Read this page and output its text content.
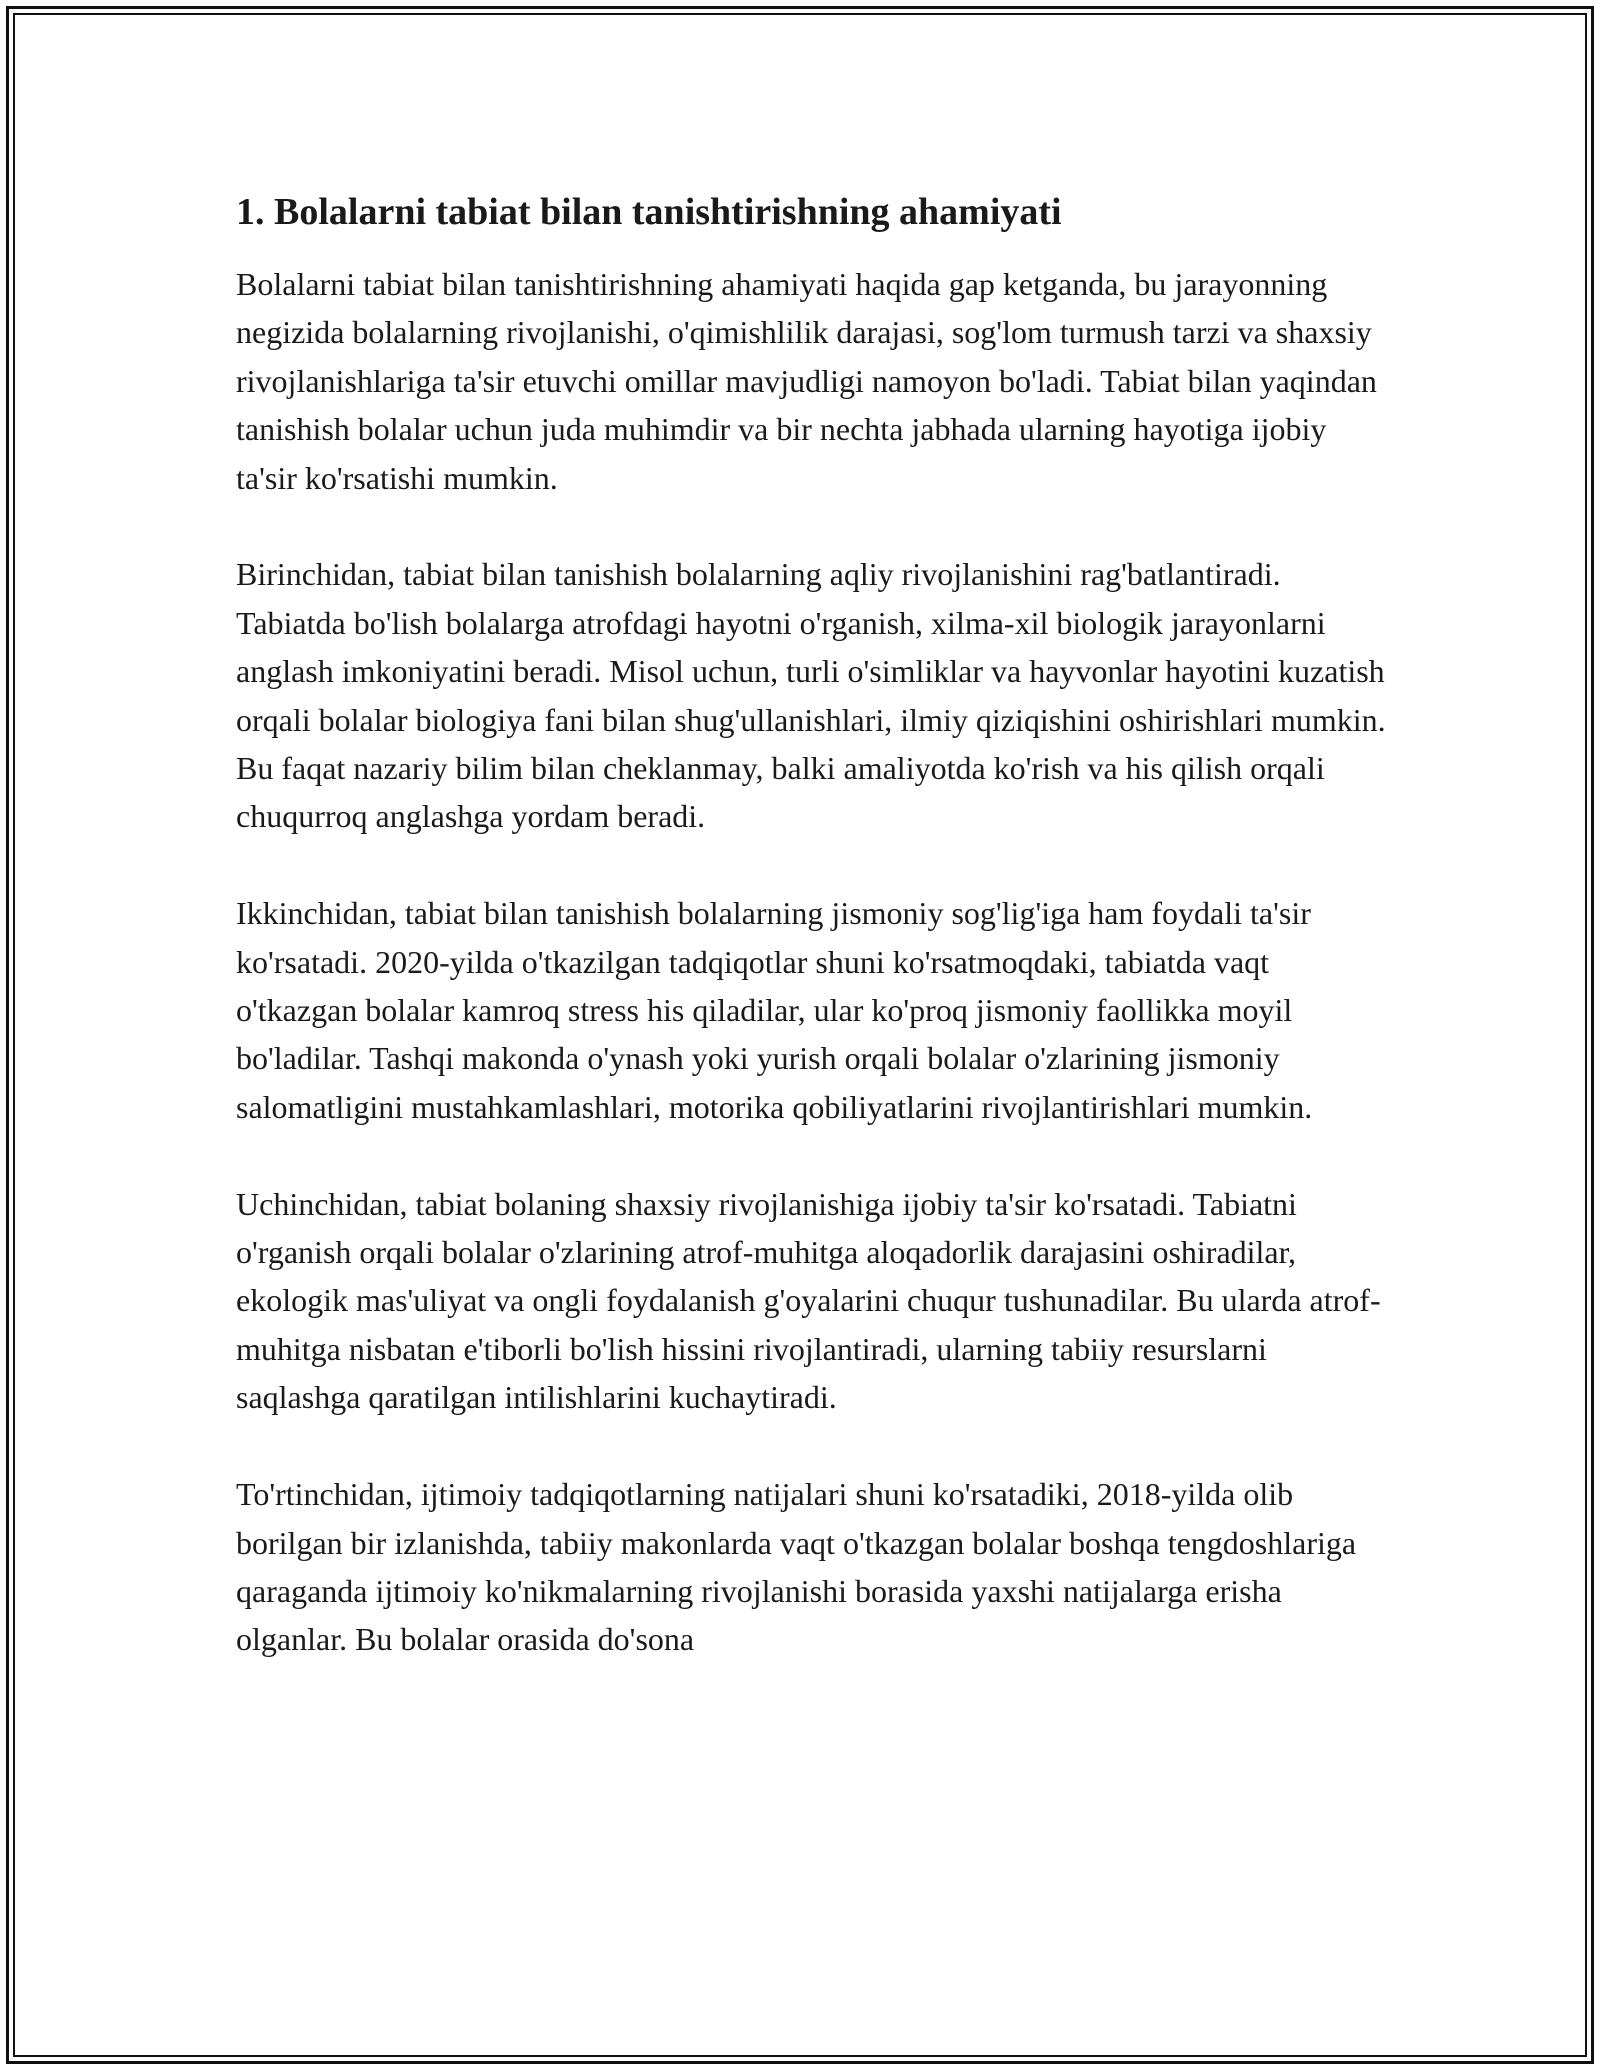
1. Bolalarni tabiat bilan tanishtirishning ahamiyati

Bolalarni tabiat bilan tanishtirishning ahamiyati haqida gap ketganda, bu jarayonning negizida bolalarning rivojlanishi, o'qimishlilik darajasi, sog'lom turmush tarzi va shaxsiy rivojlanishlariga ta'sir etuvchi omillar mavjudligi namoyon bo'ladi. Tabiat bilan yaqindan tanishish bolalar uchun juda muhimdir va bir nechta jabhada ularning hayotiga ijobiy ta'sir ko'rsatishi mumkin.

Birinchidan, tabiat bilan tanishish bolalarning aqliy rivojlanishini rag'batlantiradi. Tabiatda bo'lish bolalarga atrofdagi hayotni o'rganish, xilma-xil biologik jarayonlarni anglash imkoniyatini beradi. Misol uchun, turli o'simliklar va hayvonlar hayotini kuzatish orqali bolalar biologiya fani bilan shug'ullanishlari, ilmiy qiziqishini oshirishlari mumkin. Bu faqat nazariy bilim bilan cheklanmay, balki amaliyotda ko'rish va his qilish orqali chuqurroq anglashga yordam beradi.

Ikkinchidan, tabiat bilan tanishish bolalarning jismoniy sog'lig'iga ham foydali ta'sir ko'rsatadi. 2020-yilda o'tkazilgan tadqiqotlar shuni ko'rsatmoqdaki, tabiatda vaqt o'tkazgan bolalar kamroq stress his qiladilar, ular ko'proq jismoniy faollikka moyil bo'ladilar. Tashqi makonda o'ynash yoki yurish orqali bolalar o'zlarining jismoniy salomatligini mustahkamlashlari, motorika qobiliyatlarini rivojlantirishlari mumkin.

Uchinchidan, tabiat bolaning shaxsiy rivojlanishiga ijobiy ta'sir ko'rsatadi. Tabiatni o'rganish orqali bolalar o'zlarining atrof-muhitga aloqadorlik darajasini oshiradilar, ekologik mas'uliyat va ongli foydalanish g'oyalarini chuqur tushunadilar. Bu ularda atrof-muhitga nisbatan e'tiborli bo'lish hissini rivojlantiradi, ularning tabiiy resurslarni saqlashga qaratilgan intilishlarini kuchaytiradi.

To'rtinchidan, ijtimoiy tadqiqotlarning natijalari shuni ko'rsatadiki, 2018-yilda olib borilgan bir izlanishda, tabiiy makonlarda vaqt o'tkazgan bolalar boshqa tengdoshlariga qaraganda ijtimoiy ko'nikmalarning rivojlanishi borasida yaxshi natijalarga erisha olganlar. Bu bolalar orasida do'sona
